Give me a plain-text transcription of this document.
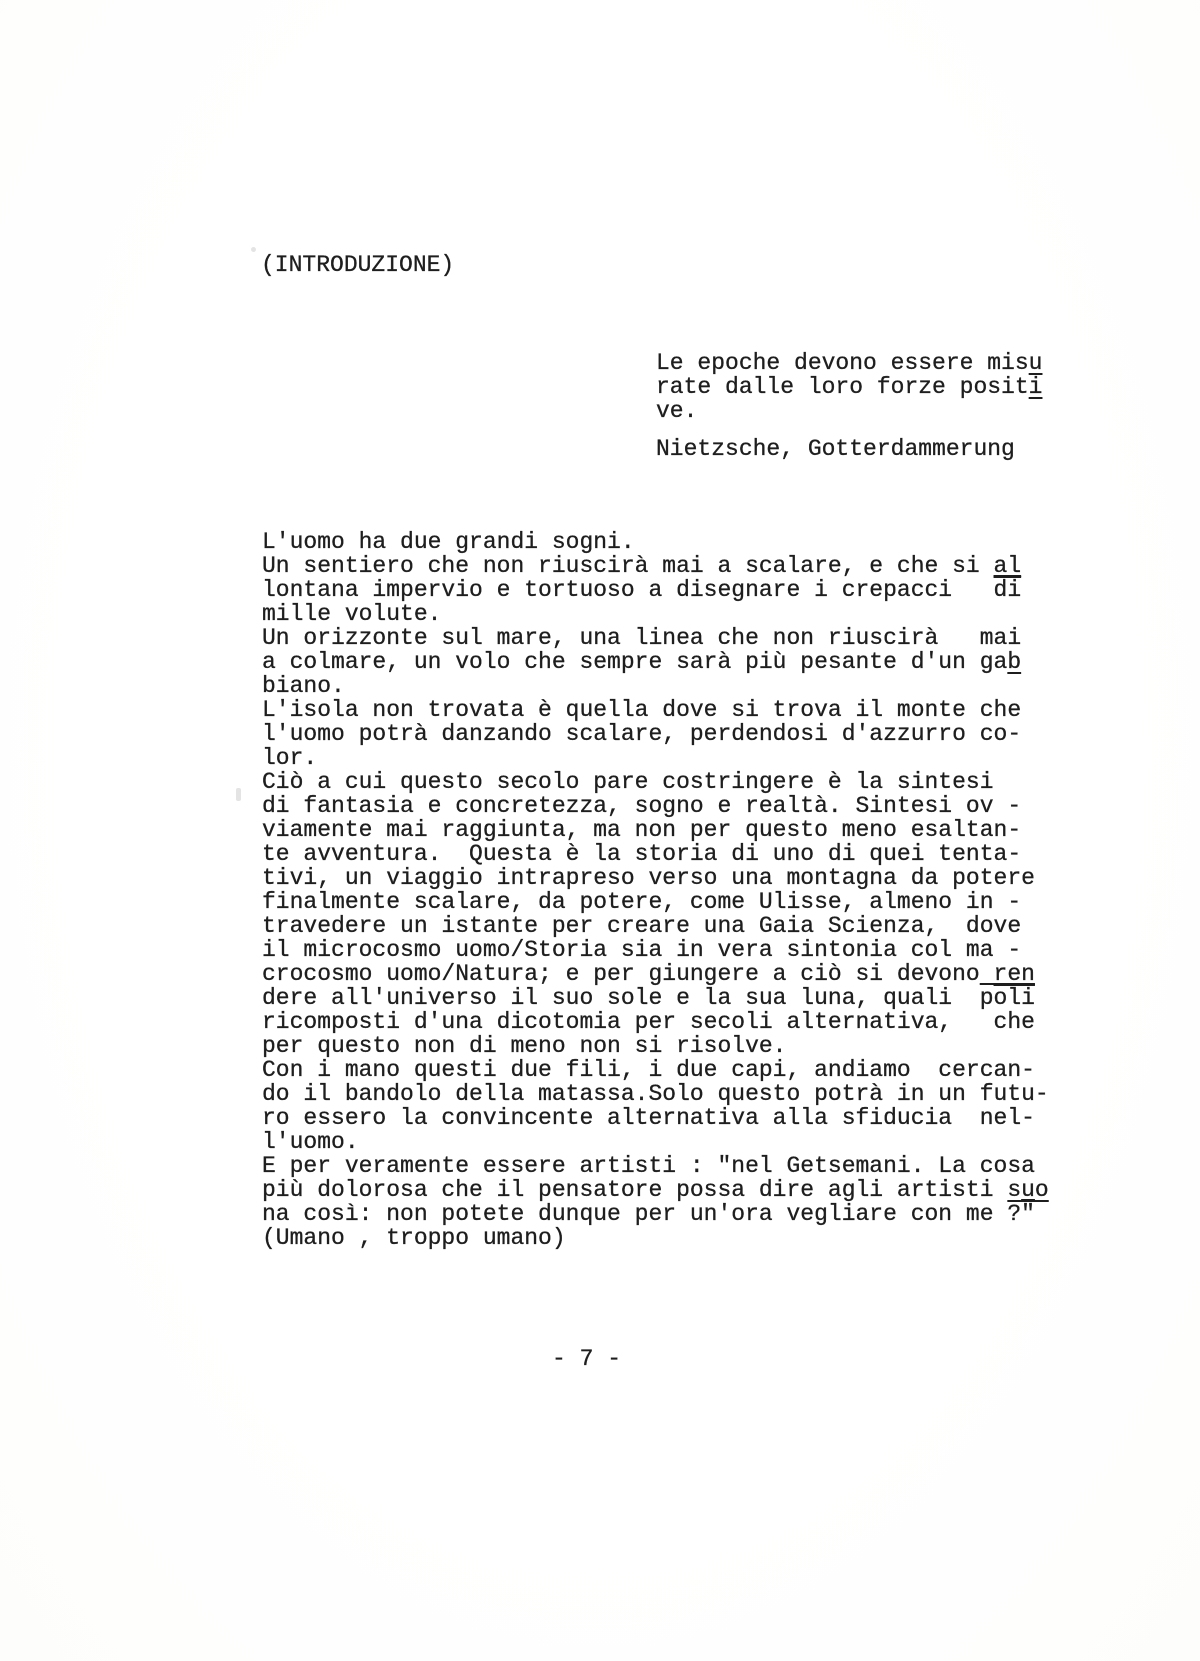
(INTRODUZIONE)
Le epoche devono essere misu
rate dalle loro forze positi
ve.
Nietzsche, Gotterdammerung
L'uomo ha due grandi sogni.
Un sentiero che non riuscirà mai a scalare, e che si al
lontana impervio e tortuoso a disegnare i crepacci   $\overline{di}$
mille volute.
Un orizzonte sul mare, una linea che non riuscirà   mai
a colmare, un volo che sempre sarà più pesante d'un gab
biano.
L'isola non trovata è quella dove si trova il monte che
l'uomo potrà danzando scalare, perdendosi d'azzurro co-
lor.
Ciò a cui questo secolo pare costringere è la sintesi
di fantasia e concretezza, sogno e realtà. Sintesi ov -
viamente mai raggiunta, ma non per questo meno esaltan-
te avventura.  Questa è la storia di uno di quei tenta-
tivi, un viaggio intrapreso verso una montagna da potere
finalmente scalare, da potere, come Ulisse, almeno in -
travedere un istante per creare una Gaia Scienza,  dove
il microcosmo uomo/Storia sia in vera sintonia col ma -
crocosmo uomo/Natura; e per giungere a ciò si devono ren
dere all'universo il suo sole e la sua luna, quali  poli
ricomposti d'una dicotomia per secoli alternativa,   che
per questo non di meno non si risolve.
Con i mano questi due fili, i due capi, andiamo  cercan-
do il bandolo della matassa.Solo questo potrà in un futu-
ro essero la convincente alternativa alla sfiducia  nel-
l'uomo.
E per veramente essere artisti : "nel Getsemani. La cosa
più dolorosa che il pensatore possa dire agli artisti suo
na così: non potete dunque per un'ora vegliare con me ?"
(Umano , troppo umano)
- 7 -
